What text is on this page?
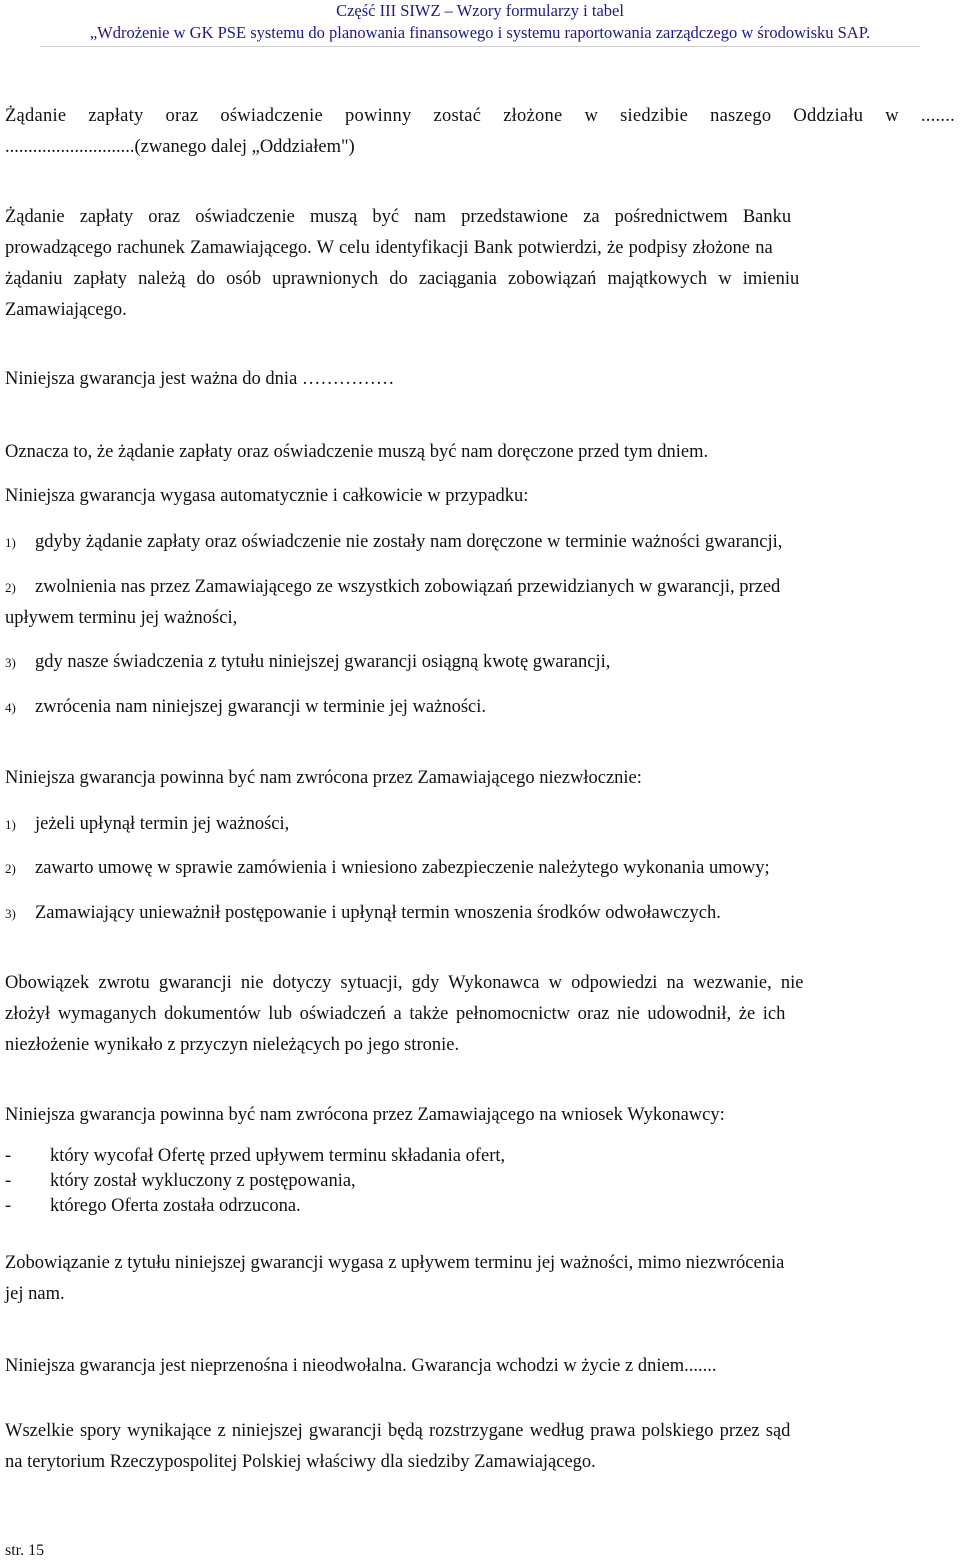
Część III SIWZ – Wzory formularzy i tabel
„Wdrożenie w GK PSE systemu do planowania finansowego i systemu raportowania zarządczego w środowisku SAP.
Żądanie zapłaty oraz oświadczenie powinny zostać złożone w siedzibie naszego Oddziału w .......
............................(zwanego dalej „Oddziałem")
Żądanie zapłaty oraz oświadczenie muszą być nam przedstawione za pośrednictwem Banku
prowadzącego rachunek Zamawiającego. W celu identyfikacji Bank potwierdzi, że podpisy złożone na
żądaniu zapłaty należą do osób uprawnionych do zaciągania zobowiązań majątkowych w imieniu
Zamawiającego.
Niniejsza gwarancja jest ważna do dnia ……………
Oznacza to, że żądanie zapłaty oraz oświadczenie muszą być nam doręczone przed tym dniem.
Niniejsza gwarancja wygasa automatycznie i całkowicie w przypadku:
1) gdyby żądanie zapłaty oraz oświadczenie nie zostały nam doręczone w terminie ważności gwarancji,
2) zwolnienia nas przez Zamawiającego ze wszystkich zobowiązań przewidzianych w gwarancji, przed
upływem terminu jej ważności,
3) gdy nasze świadczenia z tytułu niniejszej gwarancji osiągną kwotę gwarancji,
4) zwrócenia nam niniejszej gwarancji w terminie jej ważności.
Niniejsza gwarancja powinna być nam zwrócona przez Zamawiającego niezwłocznie:
1) jeżeli upłynął termin jej ważności,
2) zawarto umowę w sprawie zamówienia i wniesiono zabezpieczenie należytego wykonania umowy;
3) Zamawiający unieważnił postępowanie i upłynął termin wnoszenia środków odwoławczych.
Obowiązek zwrotu gwarancji nie dotyczy sytuacji, gdy Wykonawca w odpowiedzi na wezwanie, nie
złożył wymaganych dokumentów lub oświadczeń a także pełnomocnictw oraz nie udowodnił, że ich
niezłożenie wynikało z przyczyn nieleżących po jego stronie.
Niniejsza gwarancja powinna być nam zwrócona przez Zamawiającego na wniosek Wykonawcy:
- który wycofał Ofertę przed upływem terminu składania ofert,
- który został wykluczony z postępowania,
- którego Oferta została odrzucona.
Zobowiązanie z tytułu niniejszej gwarancji wygasa z upływem terminu jej ważności, mimo niezwrócenia
jej nam.
Niniejsza gwarancja jest nieprzenośna i nieodwołalna. Gwarancja wchodzi w życie z dniem.......
Wszelkie spory wynikające z niniejszej gwarancji będą rozstrzygane według prawa polskiego przez sąd
na terytorium Rzeczypospolitej Polskiej właściwy dla siedziby Zamawiającego.
str. 15
